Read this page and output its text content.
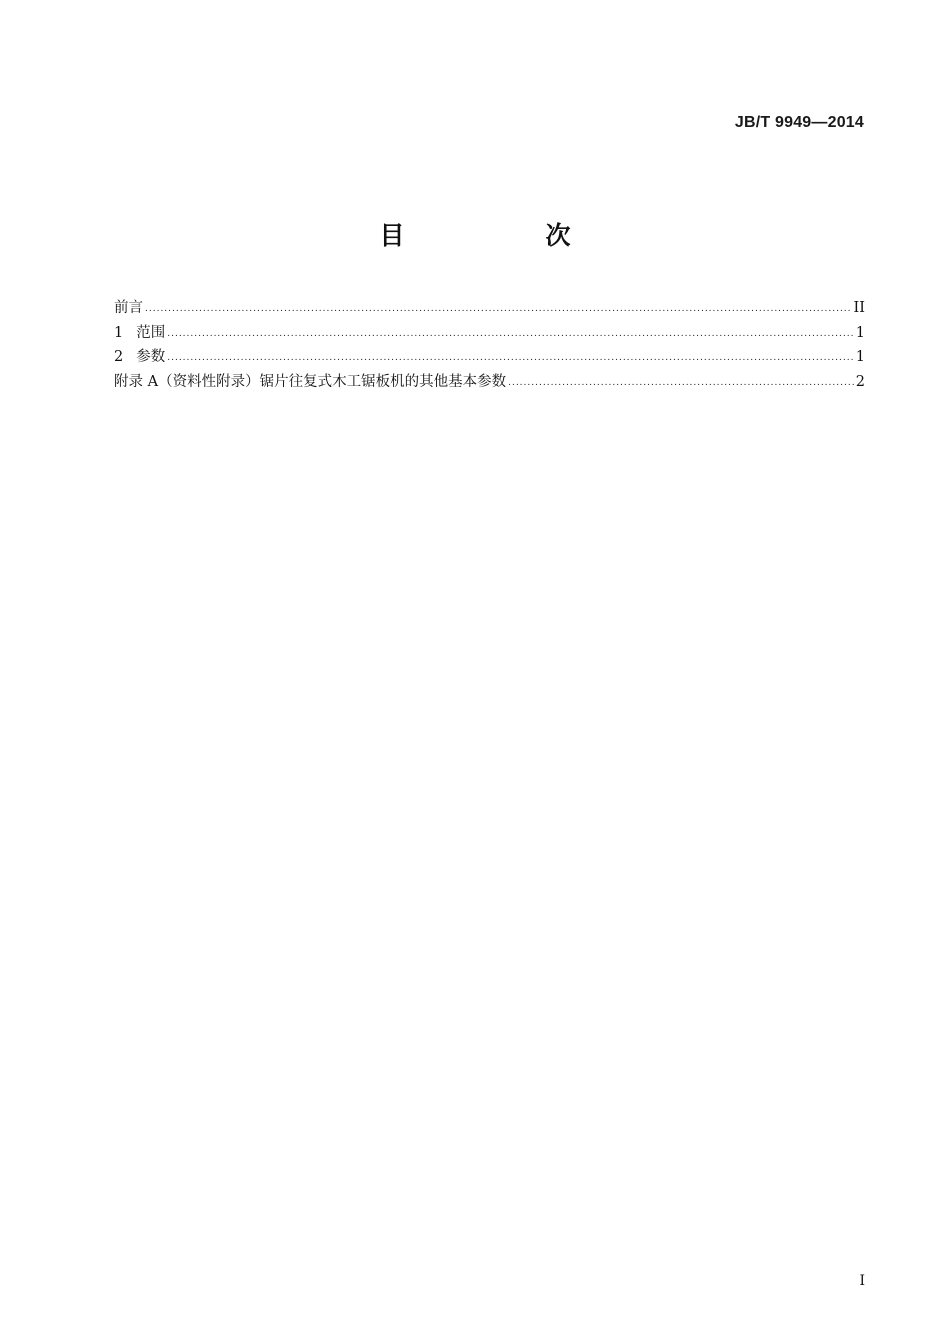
JB/T 9949—2014
目　次
前言 .....	II
1 范围 .....	1
2 参数 .....	1
附录 A（资料性附录）锯片往复式木工锯板机的其他基本参数 .....	2
I
